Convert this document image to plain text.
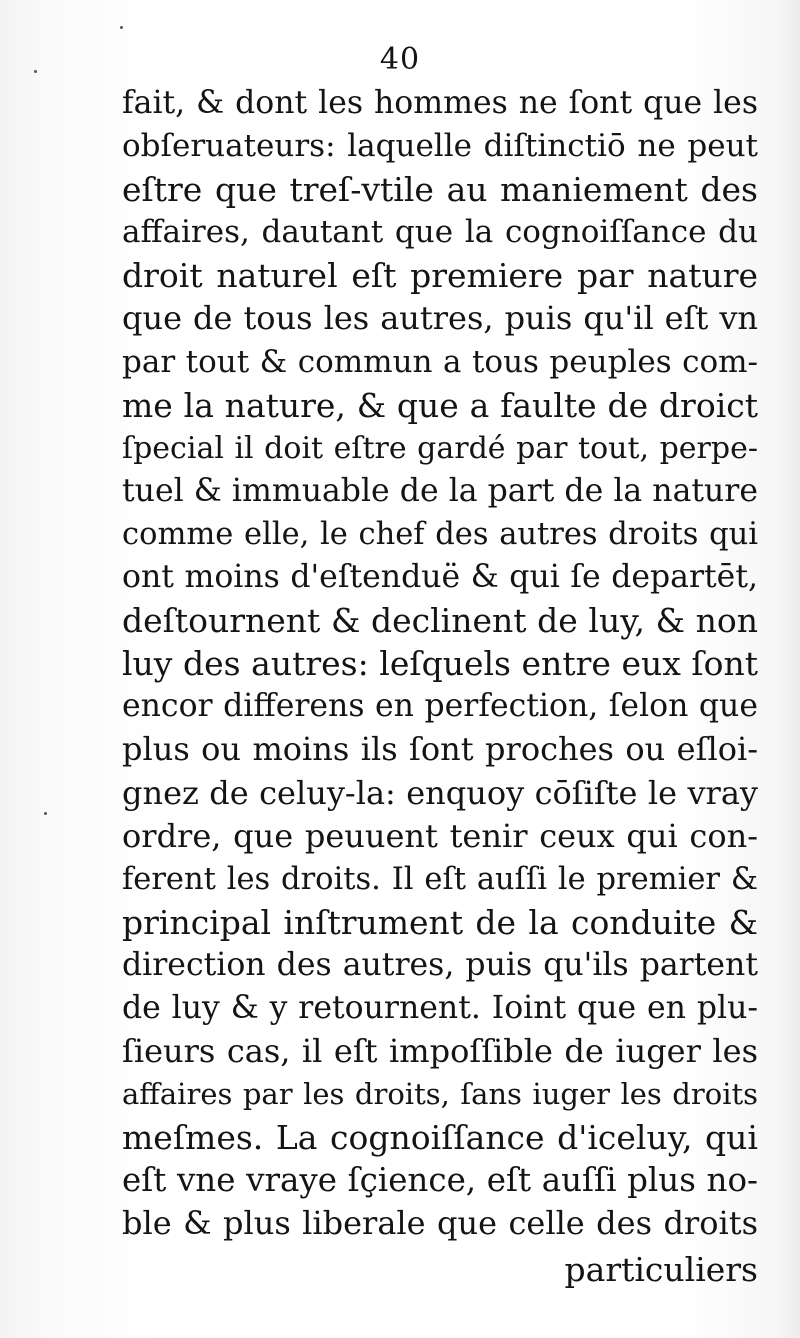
40
fait, & dont les hommes ne ſont que les
obſeruateurs: laquelle diſtinctiō ne peut
eſtre que treſ-vtile au maniement des
affaires, dautant que la cognoiſſance du
droit naturel eſt premiere par nature
que de tous les autres, puis qu'il eſt vn
par tout & commun a tous peuples com-
me la nature, & que a faulte de droict
ſpecial il doit eſtre gardé par tout, perpe-
tuel & immuable de la part de la nature
comme elle, le chef des autres droits qui
ont moins d'eſtenduë & qui ſe departēt,
deſtournent & declinent de luy, & non
luy des autres: leſquels entre eux ſont
encor differens en perfection, ſelon que
plus ou moins ils ſont proches ou eſloi-
gnez de celuy-la: enquoy cōſiſte le vray
ordre, que peuuent tenir ceux qui con-
ferent les droits. Il eſt auſſi le premier &
principal inſtrument de la conduite &
direction des autres, puis qu'ils partent
de luy & y retournent. Ioint que en plu-
ſieurs cas, il eſt impoſſible de iuger les
affaires par les droits, ſans iuger les droits
meſmes. La cognoiſſance d'iceluy, qui
eſt vne vraye ſçience, eſt auſſi plus no-
ble & plus liberale que celle des droits
particuliers
